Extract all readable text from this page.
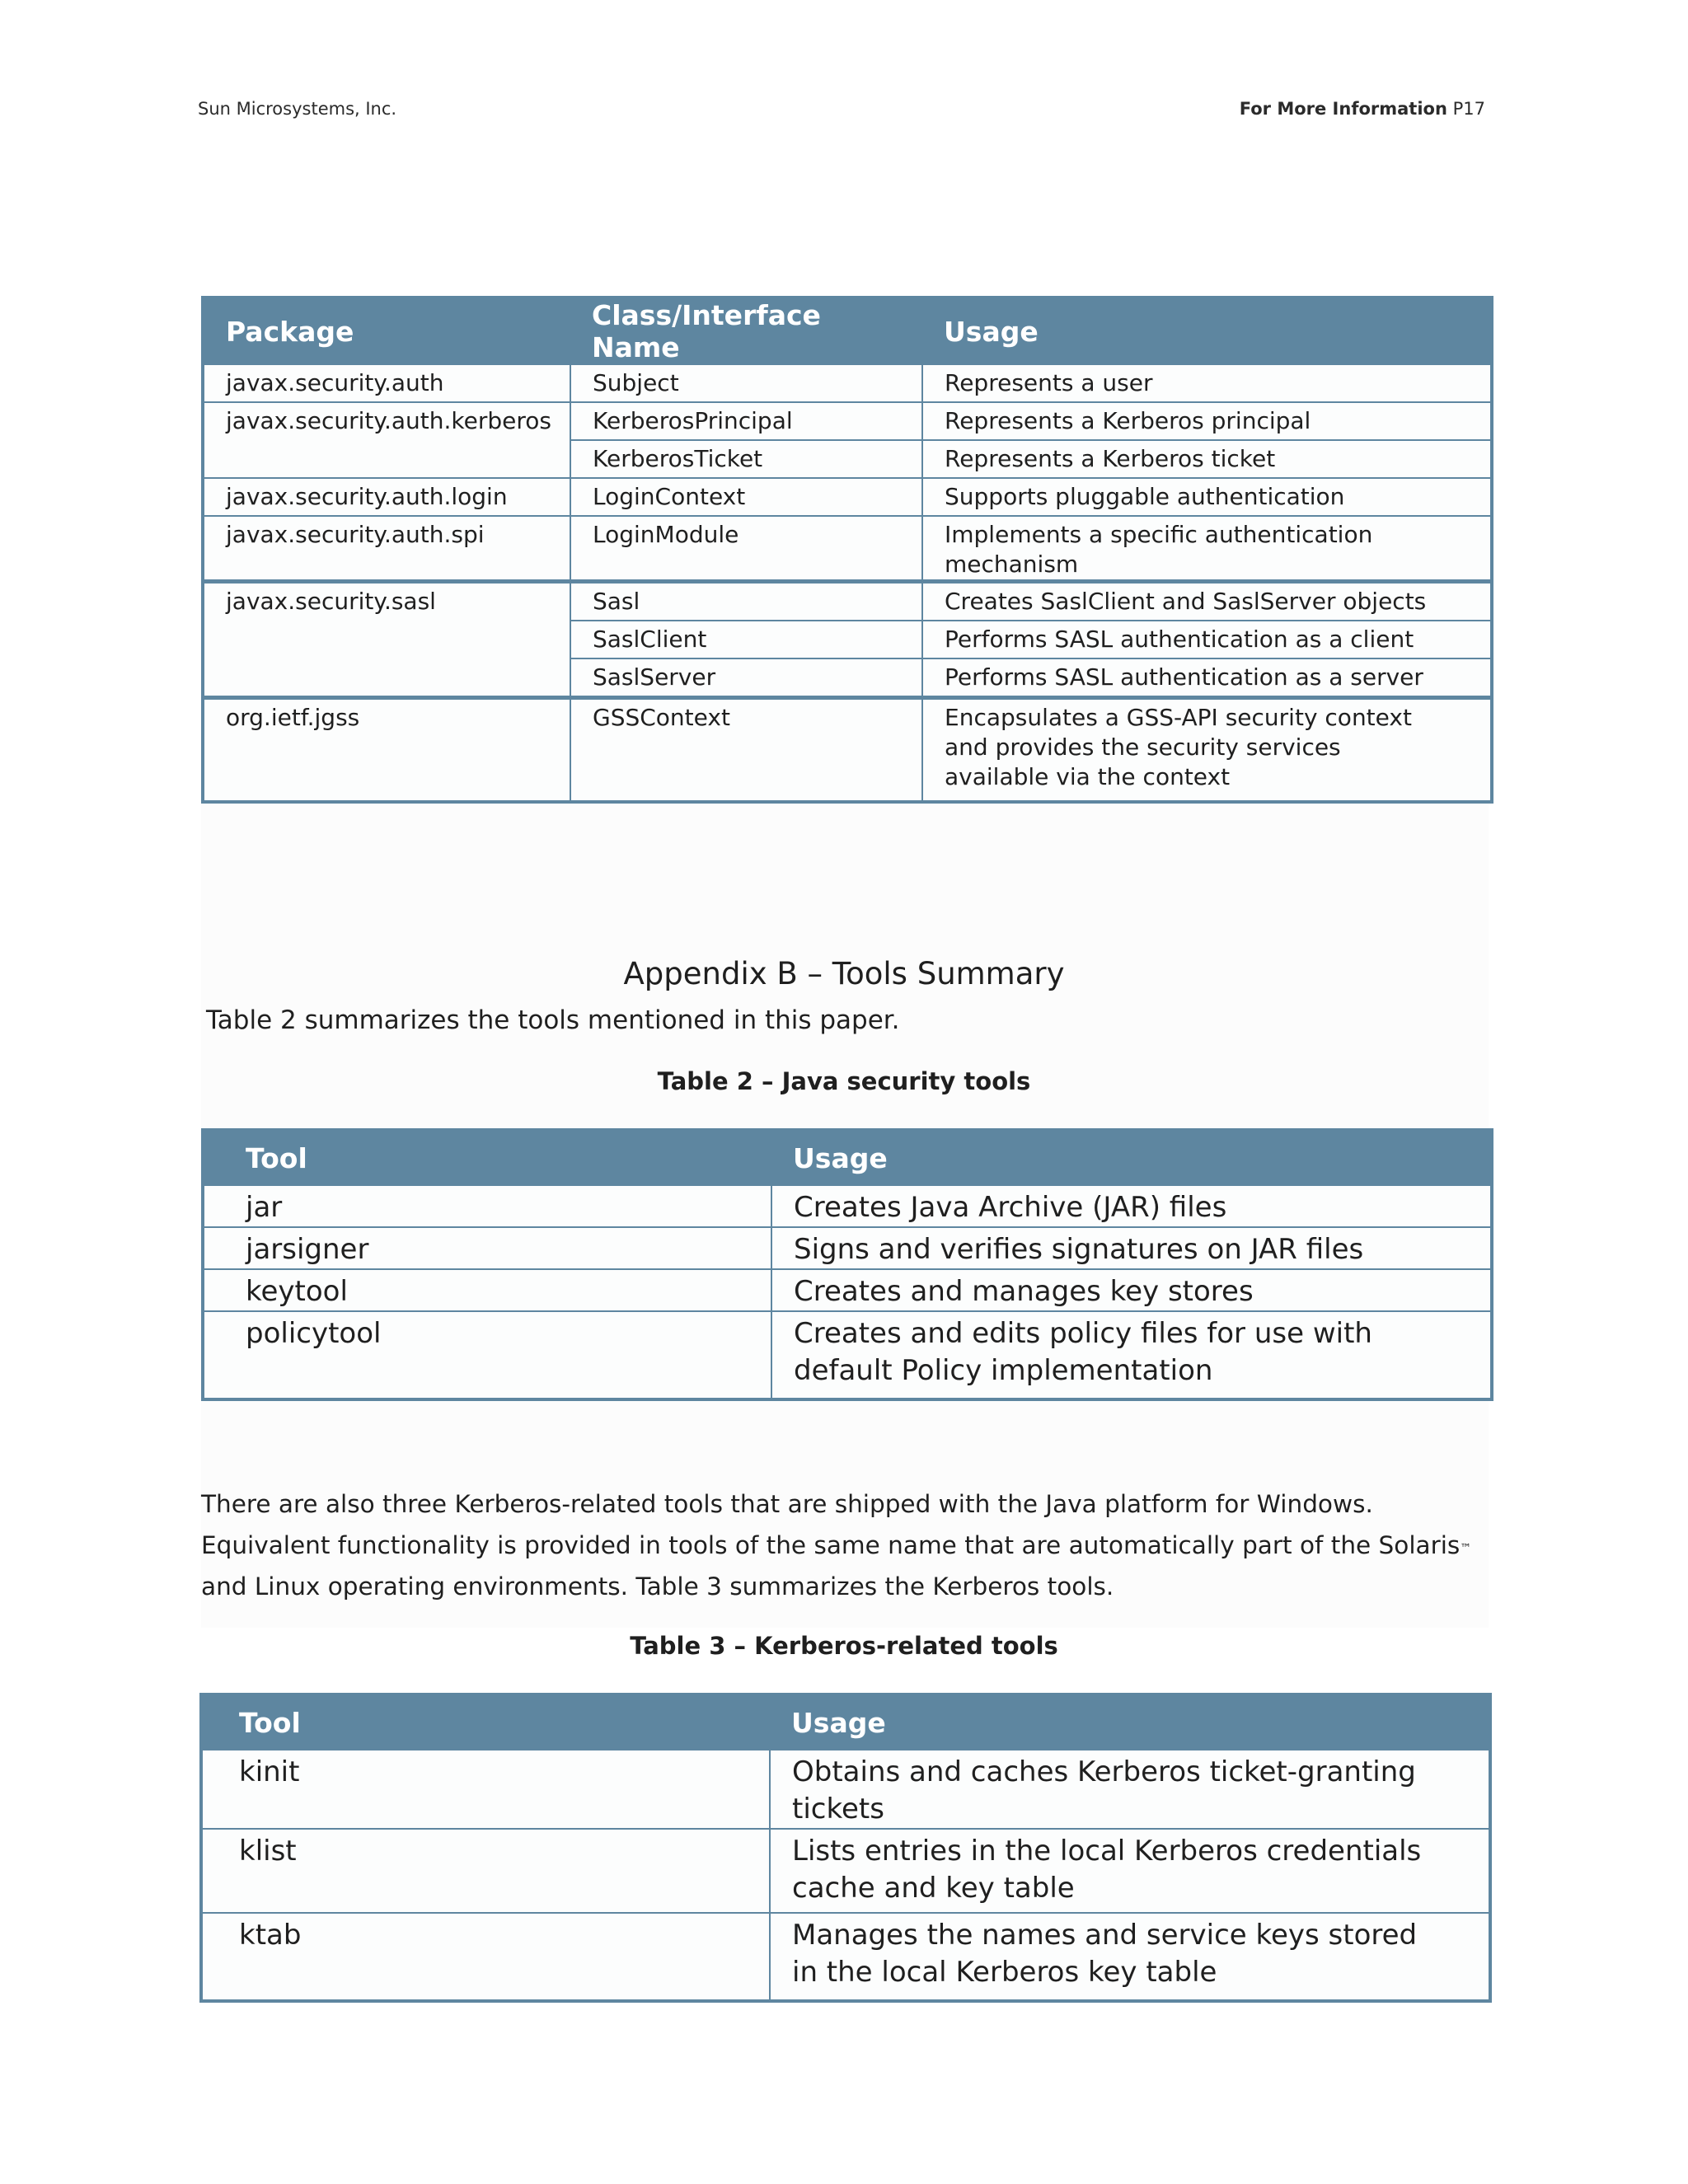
Sun Microsystems, Inc.	For More Information P17
Package	Class/Interface Name	Usage
javax.security.auth	Subject	Represents a user
javax.security.auth.kerberos	KerberosPrincipal	Represents a Kerberos principal
	KerberosTicket	Represents a Kerberos ticket
javax.security.auth.login	LoginContext	Supports pluggable authentication
javax.security.auth.spi	LoginModule	Implements a specific authentication mechanism
javax.security.sasl	Sasl	Creates SaslClient and SaslServer objects
	SaslClient	Performs SASL authentication as a client
	SaslServer	Performs SASL authentication as a server
org.ietf.jgss	GSSContext	Encapsulates a GSS-API security context and provides the security services available via the context
Appendix B – Tools Summary
Table 2 summarizes the tools mentioned in this paper.
Table 2 – Java security tools
Tool	Usage
jar	Creates Java Archive (JAR) files
jarsigner	Signs and verifies signatures on JAR files
keytool	Creates and manages key stores
policytool	Creates and edits policy files for use with default Policy implementation
There are also three Kerberos-related tools that are shipped with the Java platform for Windows. Equivalent functionality is provided in tools of the same name that are automatically part of the Solaris™ and Linux operating environments. Table 3 summarizes the Kerberos tools.
Table 3 – Kerberos-related tools
Tool	Usage
kinit	Obtains and caches Kerberos ticket-granting tickets
klist	Lists entries in the local Kerberos credentials cache and key table
ktab	Manages the names and service keys stored in the local Kerberos key table
